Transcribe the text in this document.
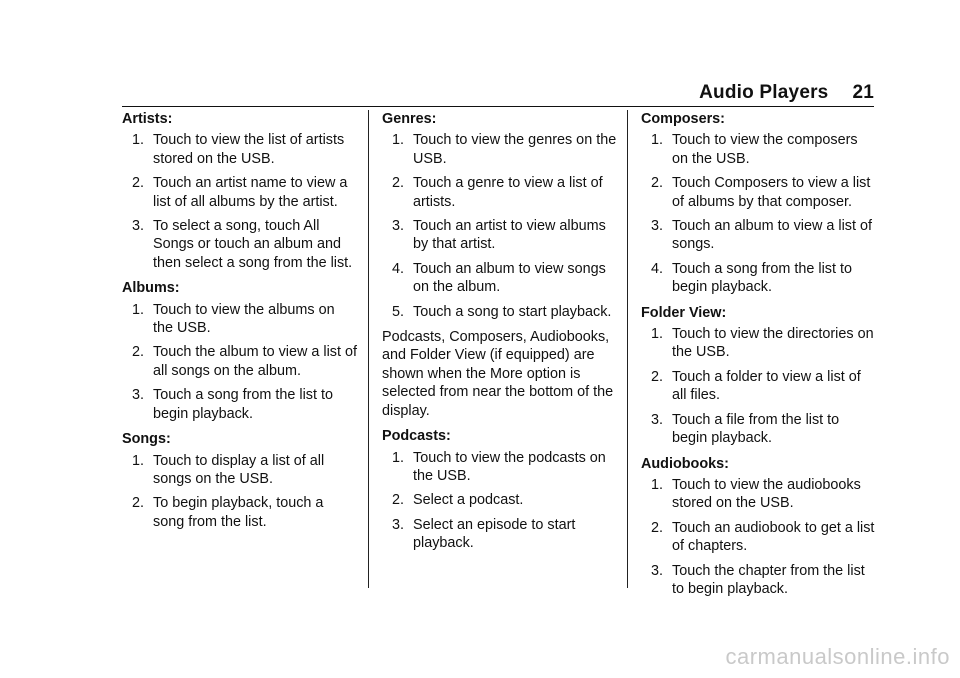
Audio Players 21
Artists:
1. Touch to view the list of artists stored on the USB.
2. Touch an artist name to view a list of all albums by the artist.
3. To select a song, touch All Songs or touch an album and then select a song from the list.
Albums:
1. Touch to view the albums on the USB.
2. Touch the album to view a list of all songs on the album.
3. Touch a song from the list to begin playback.
Songs:
1. Touch to display a list of all songs on the USB.
2. To begin playback, touch a song from the list.
Genres:
1. Touch to view the genres on the USB.
2. Touch a genre to view a list of artists.
3. Touch an artist to view albums by that artist.
4. Touch an album to view songs on the album.
5. Touch a song to start playback.

Podcasts, Composers, Audiobooks, and Folder View (if equipped) are shown when the More option is selected from near the bottom of the display.

Podcasts:
1. Touch to view the podcasts on the USB.
2. Select a podcast.
3. Select an episode to start playback.
Composers:
1. Touch to view the composers on the USB.
2. Touch Composers to view a list of albums by that composer.
3. Touch an album to view a list of songs.
4. Touch a song from the list to begin playback.
Folder View:
1. Touch to view the directories on the USB.
2. Touch a folder to view a list of all files.
3. Touch a file from the list to begin playback.
Audiobooks:
1. Touch to view the audiobooks stored on the USB.
2. Touch an audiobook to get a list of chapters.
3. Touch the chapter from the list to begin playback.
carmanualsonline.info
